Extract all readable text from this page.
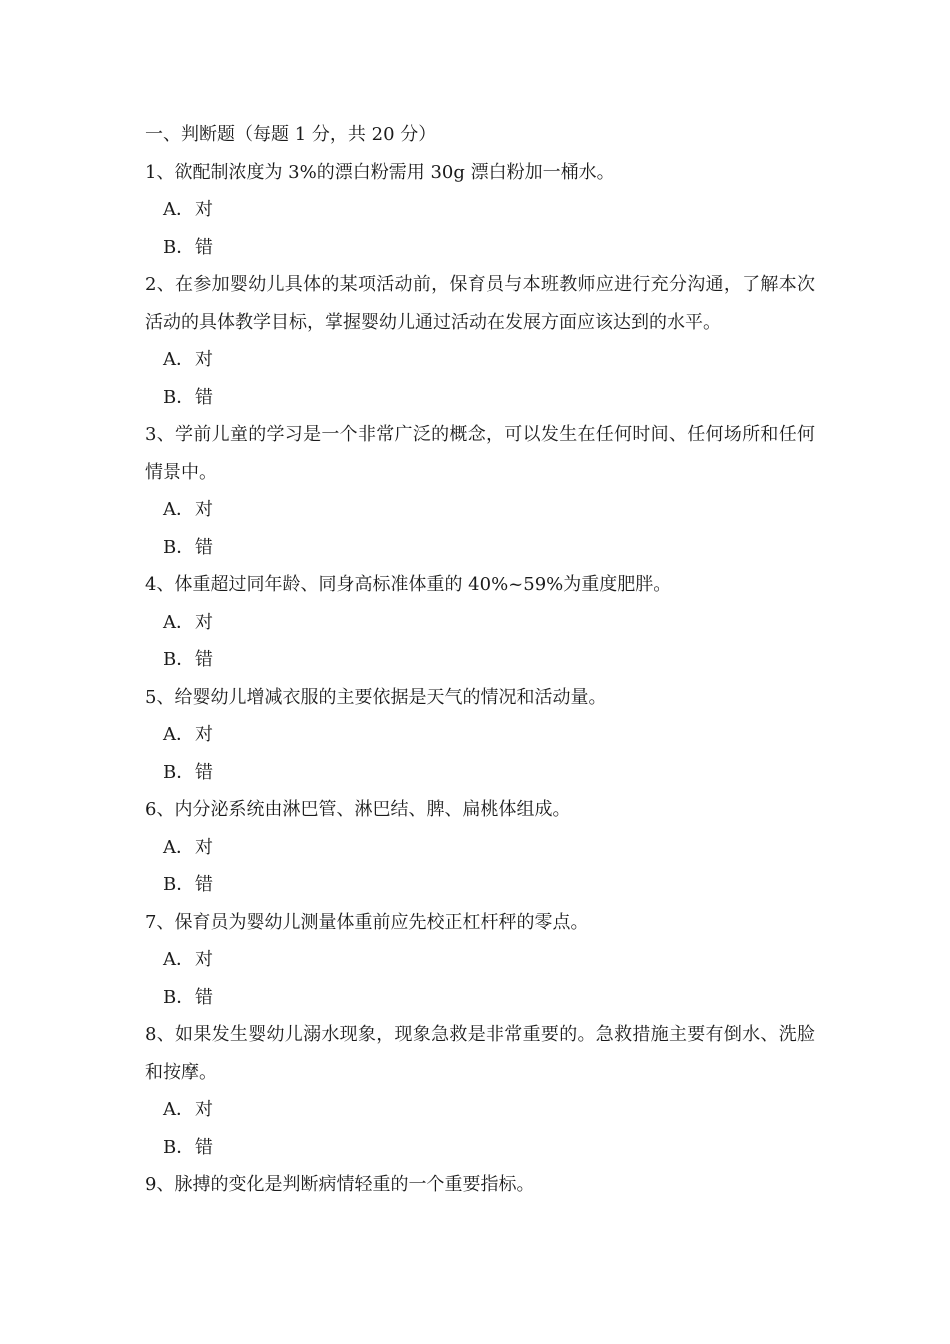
一、判断题（每题 1 分，共 20 分）
1、欲配制浓度为 3%的漂白粉需用 30g 漂白粉加一桶水。
A．对
B．错
2、在参加婴幼儿具体的某项活动前，保育员与本班教师应进行充分沟通，了解本次活动的具体教学目标，掌握婴幼儿通过活动在发展方面应该达到的水平。
A．对
B．错
3、学前儿童的学习是一个非常广泛的概念，可以发生在任何时间、任何场所和任何情景中。
A．对
B．错
4、体重超过同年龄、同身高标准体重的 40%~59%为重度肥胖。
A．对
B．错
5、给婴幼儿增减衣服的主要依据是天气的情况和活动量。
A．对
B．错
6、内分泌系统由淋巴管、淋巴结、脾、扁桃体组成。
A．对
B．错
7、保育员为婴幼儿测量体重前应先校正杠杆秤的零点。
A．对
B．错
8、如果发生婴幼儿溺水现象，现象急救是非常重要的。急救措施主要有倒水、洗脸和按摩。
A．对
B．错
9、脉搏的变化是判断病情轻重的一个重要指标。
